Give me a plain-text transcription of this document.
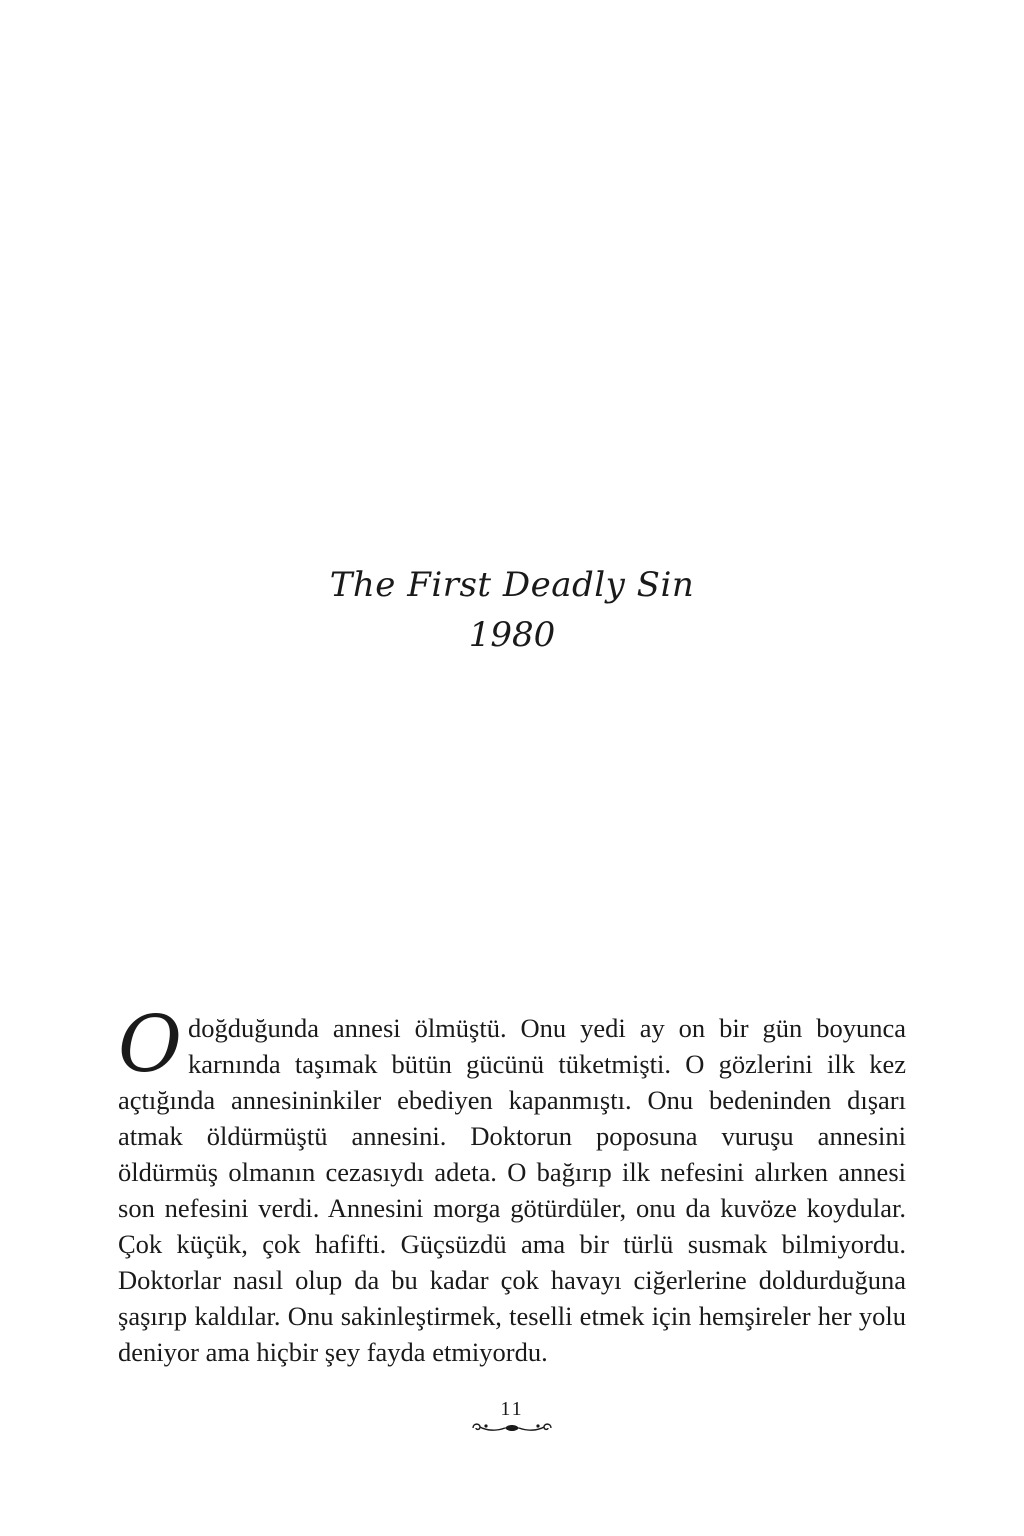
The First Deadly Sin
1980

O doğduğunda annesi ölmüştü. Onu yedi ay on bir gün boyunca karnında taşımak bütün gücünü tüketmişti. O gözlerini ilk kez açtığında annesininkiler ebediyen kapanmıştı. Onu bedeninden dışarı atmak öldürmüştü annesini. Doktorun poposuna vuruşu annesini öldürmüş olmanın cezasıydı adeta. O bağırıp ilk nefesini alırken annesi son nefesini verdi. Annesini morga götürdüler, onu da kuvöze koydular. Çok küçük, çok hafifti. Güçsüzdü ama bir türlü susmak bilmiyordu. Doktorlar nasıl olup da bu kadar çok havayı ciğerlerine doldurduğuna şaşırıp kaldılar. Onu sakinleştirmek, teselli etmek için hemşireler her yolu deniyor ama hiçbir şey fayda etmiyordu.

11
